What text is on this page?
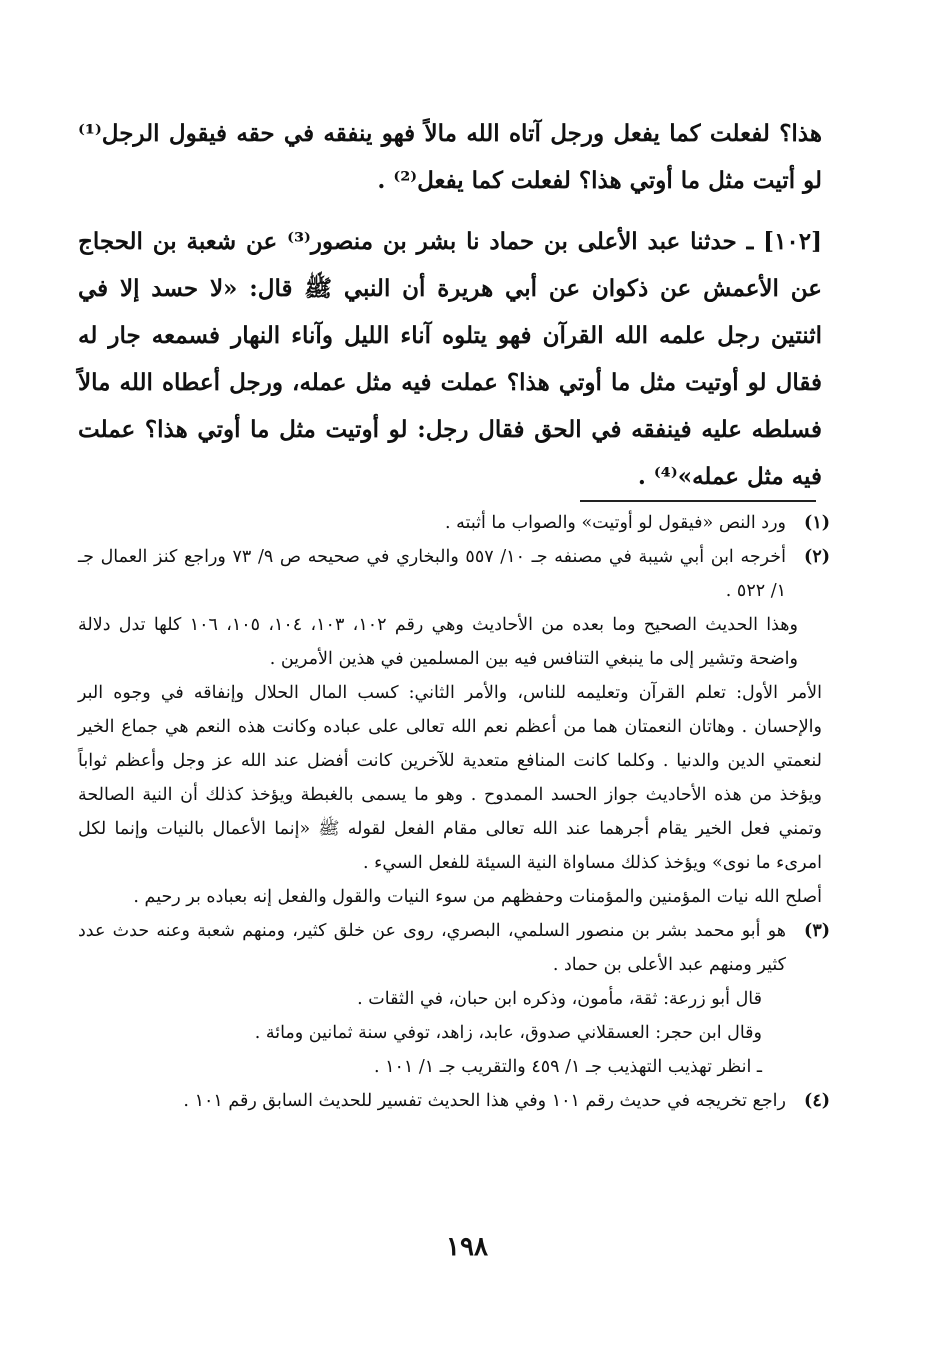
هذا؟ لفعلت كما يفعل ورجل آتاه الله مالاً فهو ينفقه في حقه فيقول الرجل⁽¹⁾ لو أتيت مثل ما أوتي هذا؟ لفعلت كما يفعل⁽²⁾ .

[١٠٢] ـ حدثنا عبد الأعلى بن حماد نا بشر بن منصور⁽³⁾ عن شعبة بن الحجاج عن الأعمش عن ذكوان عن أبي هريرة أن النبي ﷺ قال: «لا حسد إلا في اثنتين رجل علمه الله القرآن فهو يتلوه آناء الليل وآناء النهار فسمعه جار له فقال لو أوتيت مثل ما أوتي هذا؟ عملت فيه مثل عمله، ورجل أعطاه الله مالاً فسلطه عليه فينفقه في الحق فقال رجل: لو أوتيت مثل ما أوتي هذا؟ عملت فيه مثل عمله»⁽⁴⁾ .

(١)
ورد النص «فيقول لو أوتيت» والصواب ما أثبته .
(٢)
أخرجه ابن أبي شيبة في مصنفه جـ ١٠/ ٥٥٧ والبخاري في صحيحه ص ٩/ ٧٣ وراجع كنز العمال جـ ١/ ٥٢٢ .
وهذا الحديث الصحيح وما بعده من الأحاديث وهي رقم ١٠٢، ١٠٣، ١٠٤، ١٠٥، ١٠٦ كلها تدل دلالة واضحة وتشير إلى ما ينبغي التنافس فيه بين المسلمين في هذين الأمرين .
الأمر الأول: تعلم القرآن وتعليمه للناس، والأمر الثاني: كسب المال الحلال وإنفاقه في وجوه البر والإحسان . وهاتان النعمتان هما من أعظم نعم الله تعالى على عباده وكانت هذه النعم هي جماع الخير لنعمتي الدين والدنيا . وكلما كانت المنافع متعدية للآخرين كانت أفضل عند الله عز وجل وأعظم ثواباً ويؤخذ من هذه الأحاديث جواز الحسد الممدوح . وهو ما يسمى بالغبطة ويؤخذ كذلك أن النية الصالحة وتمني فعل الخير يقام أجرهما عند الله تعالى مقام الفعل لقوله ﷺ «إنما الأعمال بالنيات وإنما لكل امرىء ما نوى» ويؤخذ كذلك مساواة النية السيئة للفعل السيء .
أصلح الله نيات المؤمنين والمؤمنات وحفظهم من سوء النيات والقول والفعل إنه بعباده بر رحيم .
(٣)
هو أبو محمد بشر بن منصور السلمي، البصري، روى عن خلق كثير، ومنهم شعبة وعنه حدث عدد كثير ومنهم عبد الأعلى بن حماد .
قال أبو زرعة: ثقة، مأمون، وذكره ابن حبان، في الثقات .
وقال ابن حجر: العسقلاني صدوق، عابد، زاهد، توفي سنة ثمانين ومائة .
ـ انظر تهذيب التهذيب جـ ١/ ٤٥٩ والتقريب جـ ١/ ١٠١ .
(٤)
راجع تخريجه في حديث رقم ١٠١ وفي هذا الحديث تفسير للحديث السابق رقم ١٠١ .
١٩٨
